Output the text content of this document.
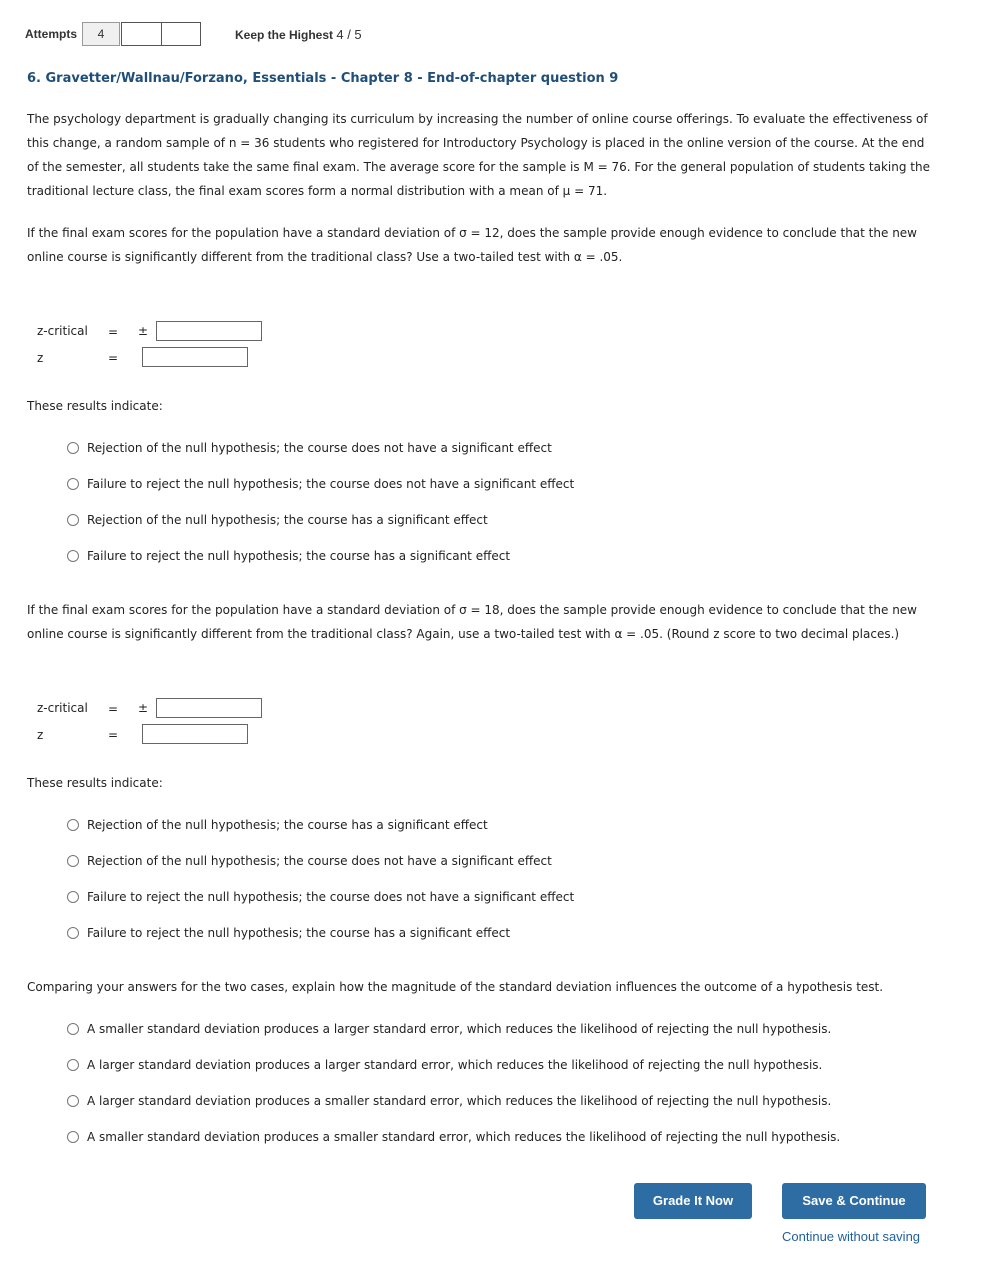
Attempts	4	Keep the Highest 4 / 5
6. Gravetter/Wallnau/Forzano, Essentials - Chapter 8 - End-of-chapter question 9
The psychology department is gradually changing its curriculum by increasing the number of online course offerings. To evaluate the effectiveness of
this change, a random sample of n = 36 students who registered for Introductory Psychology is placed in the online version of the course. At the end
of the semester, all students take the same final exam. The average score for the sample is M = 76. For the general population of students taking the
traditional lecture class, the final exam scores form a normal distribution with a mean of μ = 71.
If the final exam scores for the population have a standard deviation of σ = 12, does the sample provide enough evidence to conclude that the new
online course is significantly different from the traditional class? Use a two-tailed test with α = .05.
z-critical = ±
z	=
These results indicate:
Rejection of the null hypothesis; the course does not have a significant effect
Failure to reject the null hypothesis; the course does not have a significant effect
Rejection of the null hypothesis; the course has a significant effect
Failure to reject the null hypothesis; the course has a significant effect
If the final exam scores for the population have a standard deviation of σ = 18, does the sample provide enough evidence to conclude that the new
online course is significantly different from the traditional class? Again, use a two-tailed test with α = .05. (Round z score to two decimal places.)
z-critical = ±
z	=
These results indicate:
Rejection of the null hypothesis; the course has a significant effect
Rejection of the null hypothesis; the course does not have a significant effect
Failure to reject the null hypothesis; the course does not have a significant effect
Failure to reject the null hypothesis; the course has a significant effect
Comparing your answers for the two cases, explain how the magnitude of the standard deviation influences the outcome of a hypothesis test.
A smaller standard deviation produces a larger standard error, which reduces the likelihood of rejecting the null hypothesis.
A larger standard deviation produces a larger standard error, which reduces the likelihood of rejecting the null hypothesis.
A larger standard deviation produces a smaller standard error, which reduces the likelihood of rejecting the null hypothesis.
A smaller standard deviation produces a smaller standard error, which reduces the likelihood of rejecting the null hypothesis.
Grade It Now	Save & Continue
Continue without saving
